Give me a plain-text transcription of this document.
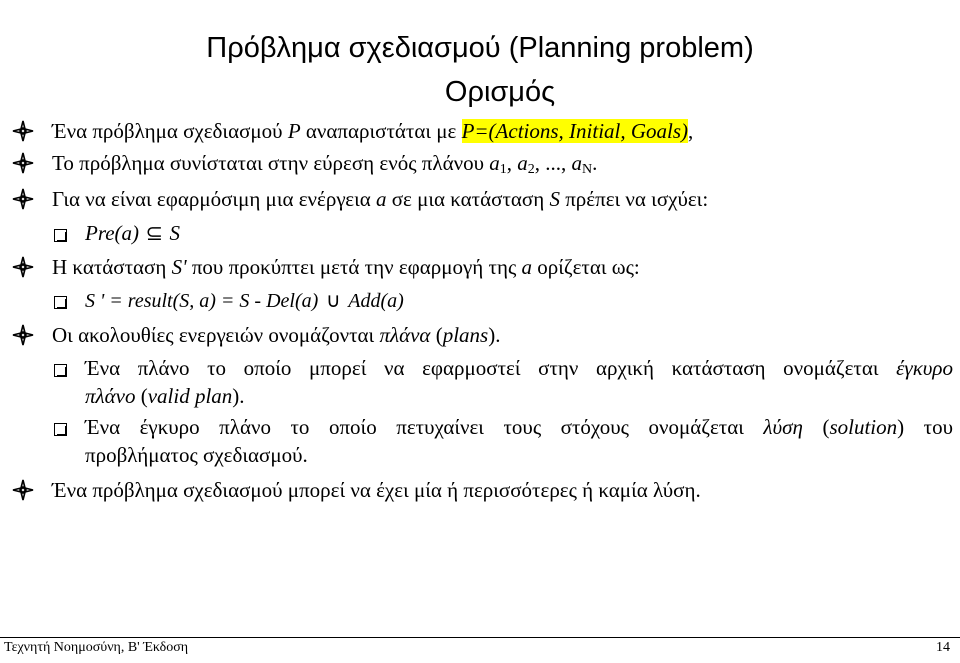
Πρόβλημα σχεδιασμού (Planning problem)
Ορισμός
Ένα πρόβλημα σχεδιασμού P αναπαριστάται με P=(Actions, Initial, Goals),
Το πρόβλημα συνίσταται στην εύρεση ενός πλάνου $a_1$, $a_2$, ..., $a_N$.
Για να είναι εφαρμόσιμη μια ενέργεια a σε μια κατάσταση S πρέπει να ισχύει:
Pre(a) ⊆ S
Η κατάσταση S' που προκύπτει μετά την εφαρμογή της a ορίζεται ως:
S ' = result(S, a) = S - Del(a) ∪ Add(a)
Οι ακολουθίες ενεργειών ονομάζονται πλάνα (plans).
Ένα πλάνο το οποίο μπορεί να εφαρμοστεί στην αρχική κατάσταση ονομάζεται έγκυρο
πλάνο (valid plan).
Ένα έγκυρο πλάνο το οποίο πετυχαίνει τους στόχους ονομάζεται λύση (solution) του
προβλήματος σχεδιασμού.
Ένα πρόβλημα σχεδιασμού μπορεί να έχει μία ή περισσότερες ή καμία λύση.
Τεχνητή Νοημοσύνη, Β' Έκδοση	14
